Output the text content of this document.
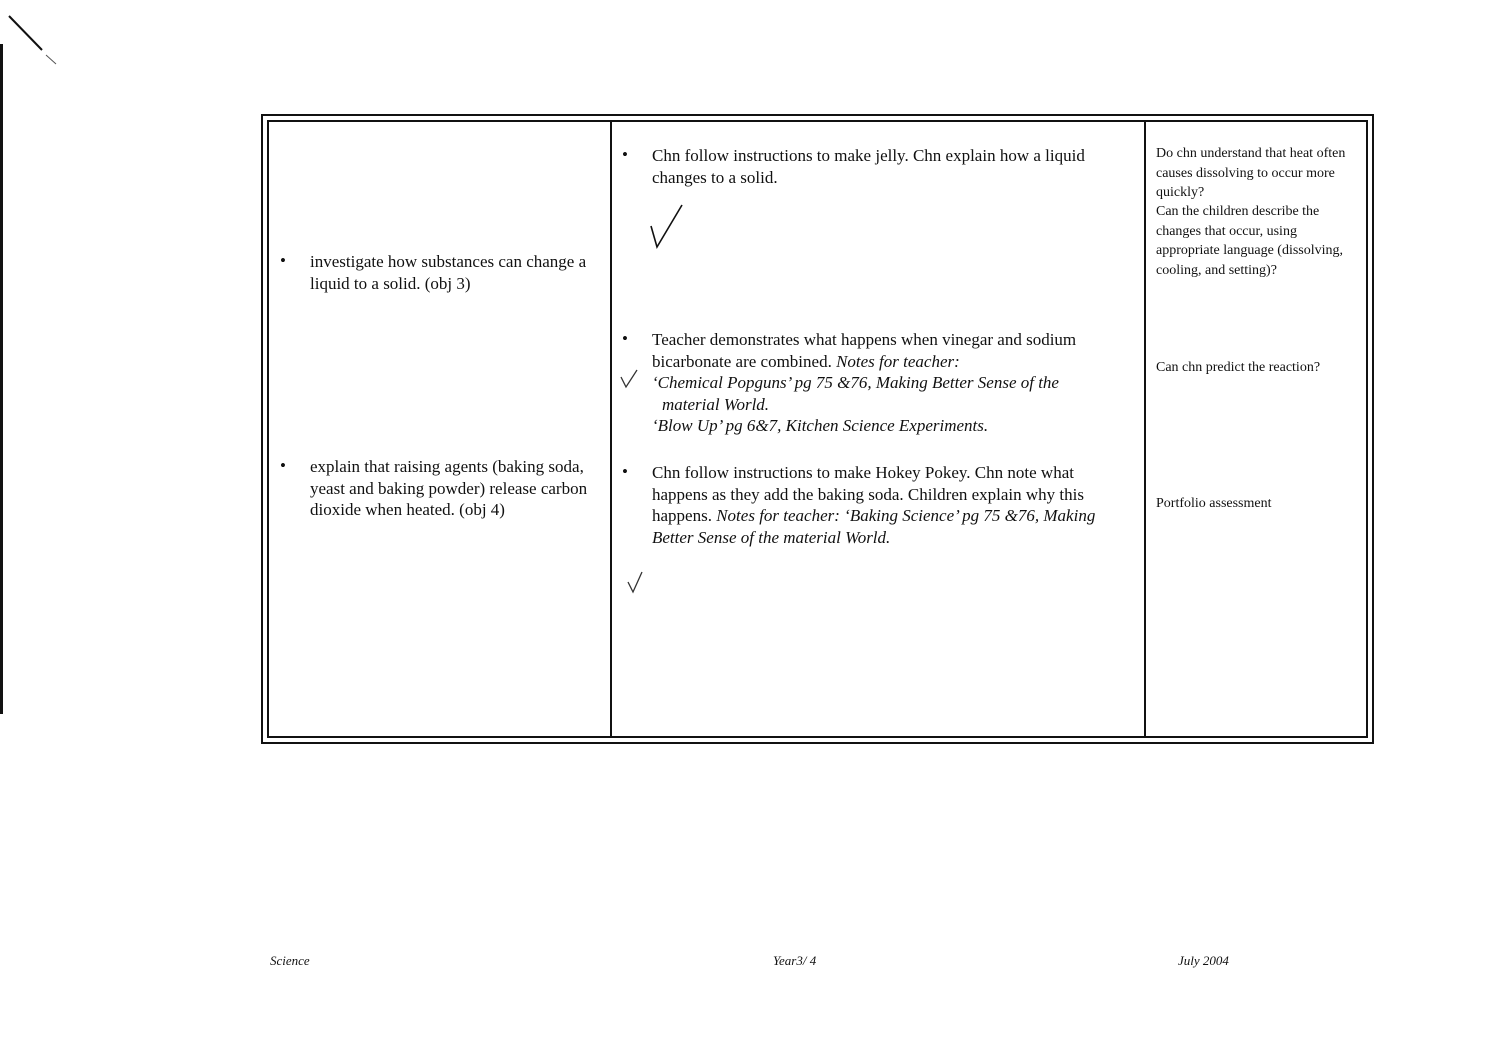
• investigate how substances can change a liquid to a solid. (obj 3)
• explain that raising agents (baking soda, yeast and baking powder) release carbon dioxide when heated. (obj 4)
• Chn follow instructions to make jelly. Chn explain how a liquid changes to a solid.
• Teacher demonstrates what happens when vinegar and sodium bicarbonate are combined. Notes for teacher:
‘Chemical Popguns’ pg 75 &76, Making Better Sense of the
material World.
‘Blow Up’ pg 6&7, Kitchen Science Experiments.
• Chn follow instructions to make Hokey Pokey. Chn note what happens as they add the baking soda. Children explain why this happens. Notes for teacher: ‘Baking Science’ pg 75 &76, Making Better Sense of the material World.
Do chn understand that heat often causes dissolving to occur more quickly?
Can the children describe the changes that occur, using appropriate language (dissolving, cooling, and setting)?
Can chn predict the reaction?
Portfolio assessment
Science	Year3/ 4	July 2004
